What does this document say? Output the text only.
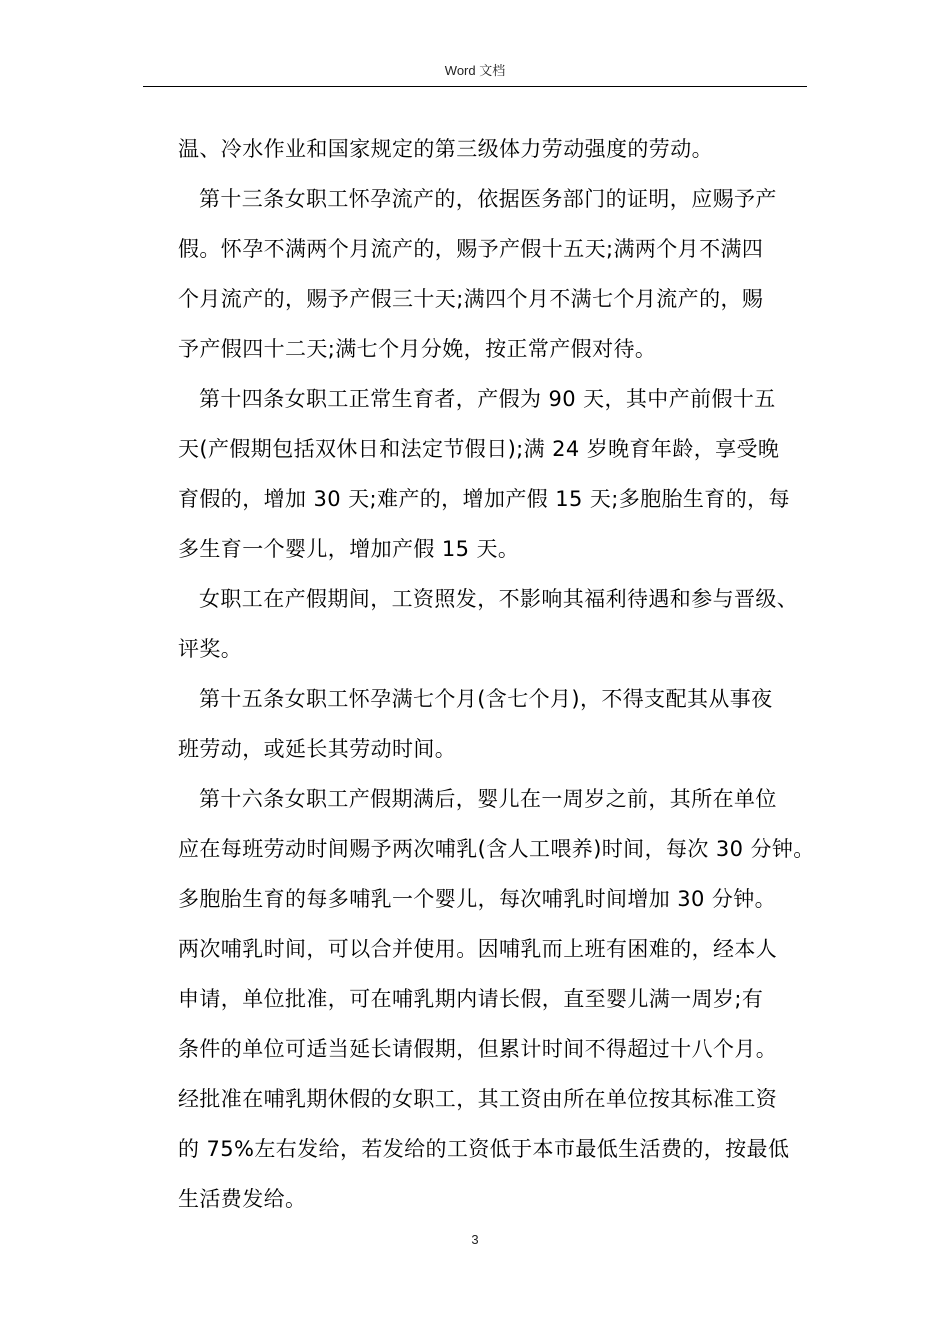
Word 文档
温、冷水作业和国家规定的第三级体力劳动强度的劳动。
第十三条女职工怀孕流产的，依据医务部门的证明，应赐予产
假。怀孕不满两个月流产的，赐予产假十五天;满两个月不满四
个月流产的，赐予产假三十天;满四个月不满七个月流产的，赐
予产假四十二天;满七个月分娩，按正常产假对待。
第十四条女职工正常生育者，产假为 90 天，其中产前假十五
天(产假期包括双休日和法定节假日);满 24 岁晚育年龄，享受晚
育假的，增加 30 天;难产的，增加产假 15 天;多胞胎生育的，每
多生育一个婴儿，增加产假 15 天。
女职工在产假期间，工资照发，不影响其福利待遇和参与晋级、
评奖。
第十五条女职工怀孕满七个月(含七个月)，不得支配其从事夜
班劳动，或延长其劳动时间。
第十六条女职工产假期满后，婴儿在一周岁之前，其所在单位
应在每班劳动时间赐予两次哺乳(含人工喂养)时间，每次 30 分钟。
多胞胎生育的每多哺乳一个婴儿，每次哺乳时间增加 30 分钟。
两次哺乳时间，可以合并使用。因哺乳而上班有困难的，经本人
申请，单位批准，可在哺乳期内请长假，直至婴儿满一周岁;有
条件的单位可适当延长请假期，但累计时间不得超过十八个月。
经批准在哺乳期休假的女职工，其工资由所在单位按其标准工资
的 75%左右发给，若发给的工资低于本市最低生活费的，按最低
生活费发给。
3
